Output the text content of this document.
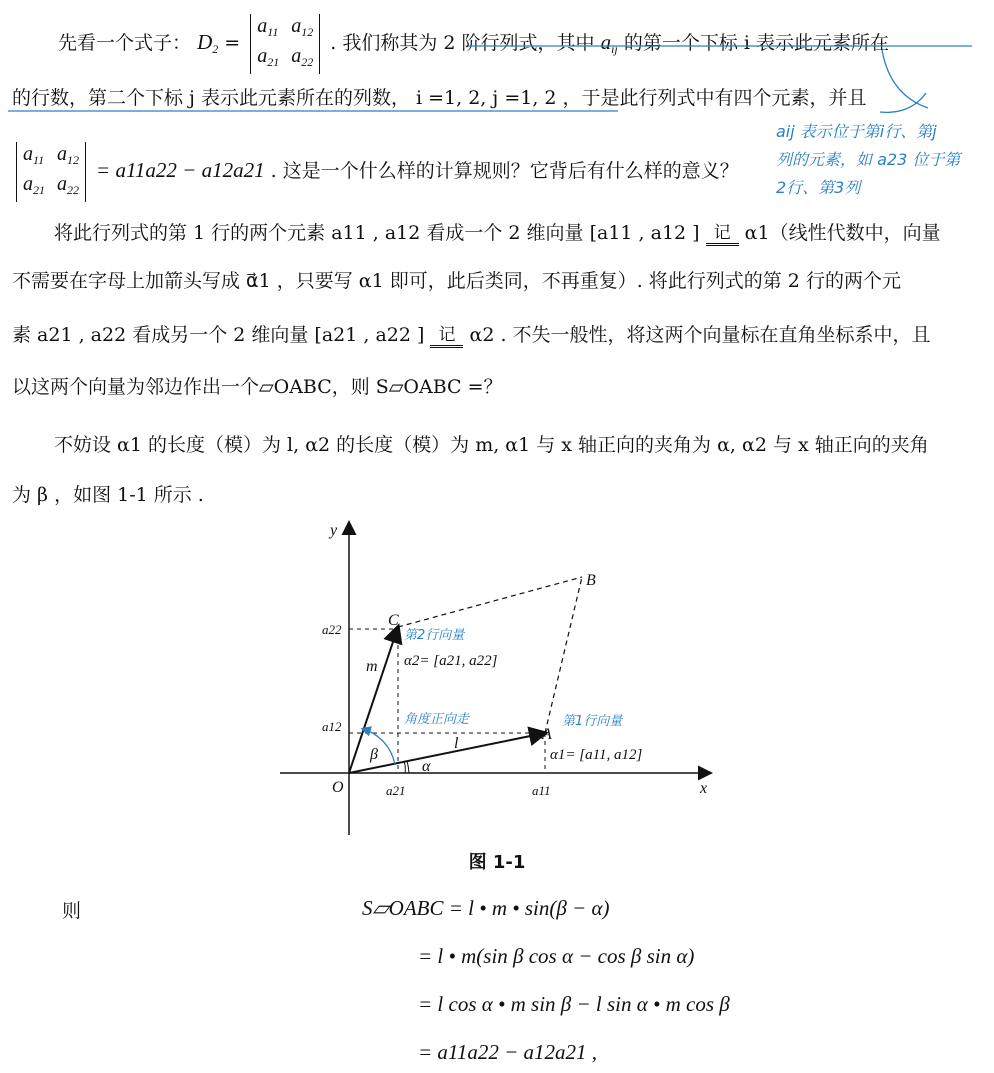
先看一个式子： $D_2 = a_{11}$	$a_{12}$
$a_{21}$	$a_{22}$ . 我们称其为 2 阶行列式，其中 $a_{ij}$ 的第一个下标 i 表示此元素所在
的行数，第二个下标 j 表示此元素所在的列数， i =1, 2, j =1, 2 ，于是此行列式中有四个元素，并且
$a_{11}$	$a_{12}$
$a_{21}$	$a_{22} = a11a22 - a12a21$ . 这是一个什么样的计算规则？它背后有什么样的意义？
aij 表示位于第i行、第j
列的元素，如 a23 位于第
2行、第3列
将此行列式的第 1 行的两个元素 a11 , a12 看成一个 2 维向量 [a11 , a12 ] 记 α1（线性代数中，向量
不需要在字母上加箭头写成 α⃗1 ，只要写 α1 即可，此后类同，不再重复）. 将此行列式的第 2 行的两个元
素 a21 , a22 看成另一个 2 维向量 [a21 , a22 ] 记 α2 . 不失一般性，将这两个向量标在直角坐标系中，且
以这两个向量为邻边作出一个▱OABC，则 S▱OABC =？
不妨设 α1 的长度（模）为 l, α2 的长度（模）为 m, α1 与 x 轴正向的夹角为 α, α2 与 x 轴正向的夹角
为 β ，如图 1-1 所示 .
y
x
O
A
B
C
m
l
α
β
a22
a12
a21	a11
第2行向量
第1行向量
角度正向走
α2= [a21, a22]
α1= [a11, a12]
图 1-1
则	S▱OABC = l • m • sin(β − α)
= l • m(sin β cos α − cos β sin α)
= l cos α • m sin β − l sin α • m cos β
= a11a22 − a12a21 ,
